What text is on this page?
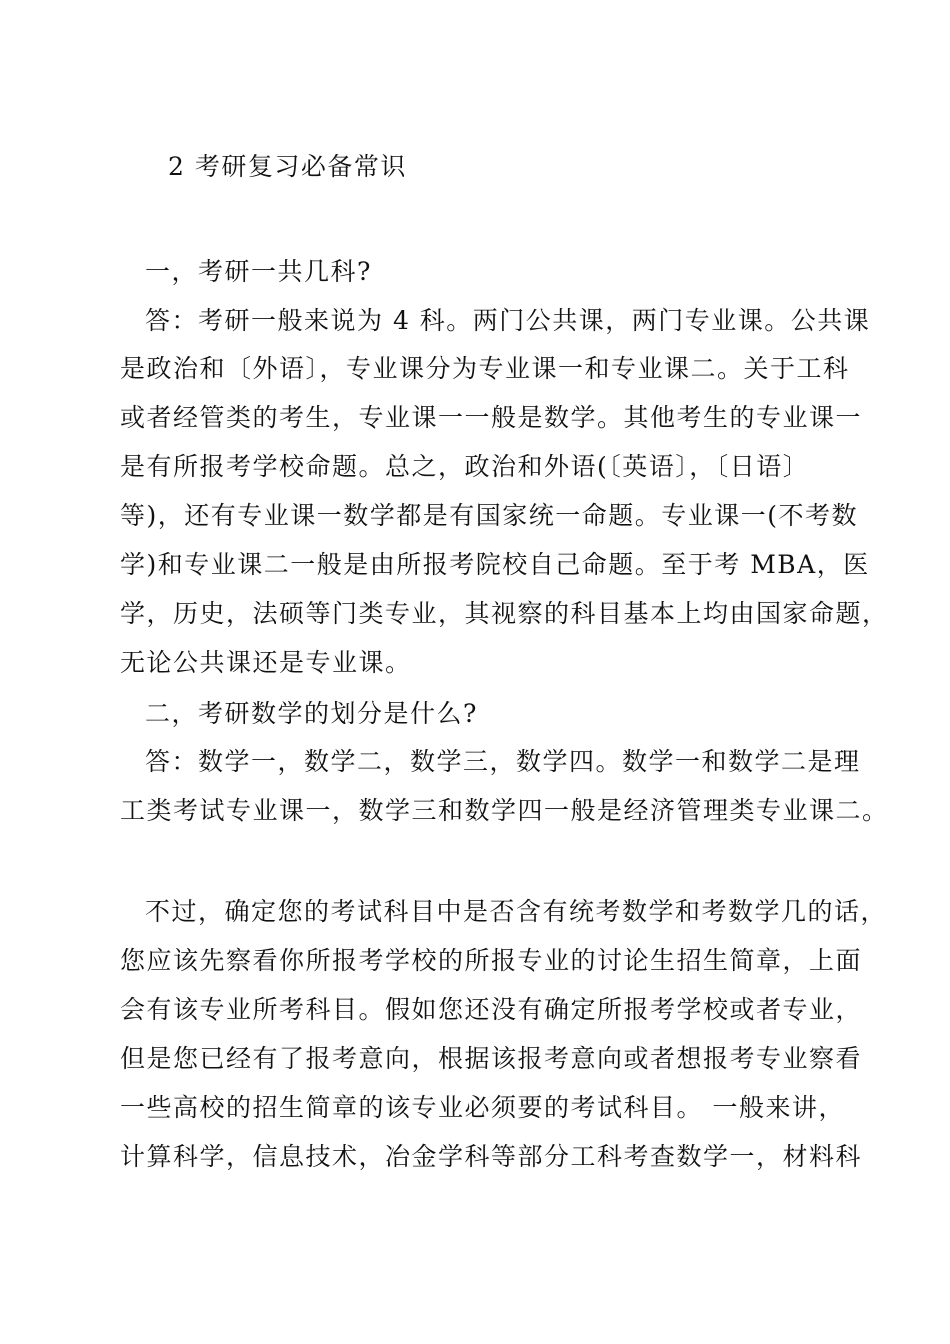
2 考研复习必备常识
一，考研一共几科?
答：考研一般来说为 4 科。两门公共课，两门专业课。公共课
是政治和〔外语〕，专业课分为专业课一和专业课二。关于工科
或者经管类的考生，专业课一一般是数学。其他考生的专业课一
是有所报考学校命题。总之，政治和外语(〔英语〕，〔日语〕
等)，还有专业课一数学都是有国家统一命题。专业课一(不考数
学)和专业课二一般是由所报考院校自己命题。至于考 MBA，医
学，历史，法硕等门类专业，其视察的科目基本上均由国家命题，
无论公共课还是专业课。
二，考研数学的划分是什么?
答：数学一，数学二，数学三，数学四。数学一和数学二是理
工类考试专业课一，数学三和数学四一般是经济管理类专业课二。
不过，确定您的考试科目中是否含有统考数学和考数学几的话，
您应该先察看你所报考学校的所报专业的讨论生招生简章，上面
会有该专业所考科目。假如您还没有确定所报考学校或者专业，
但是您已经有了报考意向，根据该报考意向或者想报考专业察看
一些高校的招生简章的该专业必须要的考试科目。 一般来讲，
计算科学，信息技术，冶金学科等部分工科考查数学一，材料科
